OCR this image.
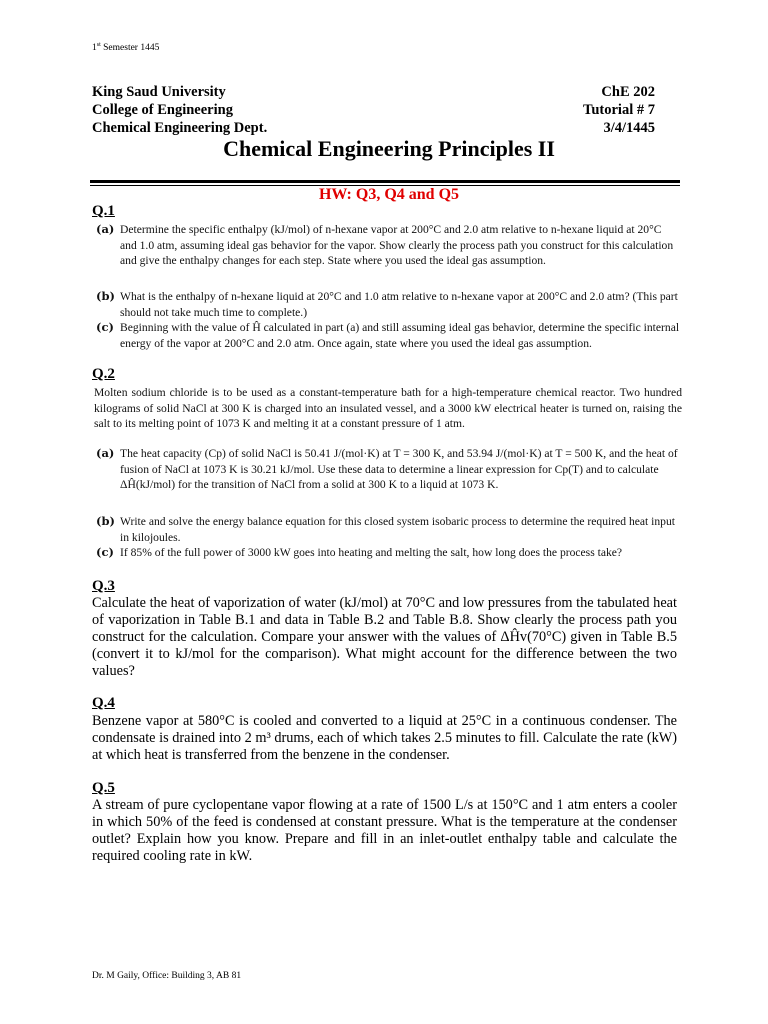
1st Semester 1445
King Saud University	ChE 202
College of Engineering	Tutorial # 7
Chemical Engineering Dept.	3/4/1445
Chemical Engineering Principles II
HW: Q3, Q4 and Q5
Q.1
(a) Determine the specific enthalpy (kJ/mol) of n-hexane vapor at 200°C and 2.0 atm relative to n-hexane liquid at 20°C and 1.0 atm, assuming ideal gas behavior for the vapor. Show clearly the process path you construct for this calculation and give the enthalpy changes for each step. State where you used the ideal gas assumption.
(b) What is the enthalpy of n-hexane liquid at 20°C and 1.0 atm relative to n-hexane vapor at 200°C and 2.0 atm? (This part should not take much time to complete.)
(c) Beginning with the value of Ĥ calculated in part (a) and still assuming ideal gas behavior, determine the specific internal energy of the vapor at 200°C and 2.0 atm. Once again, state where you used the ideal gas assumption.
Q.2
Molten sodium chloride is to be used as a constant-temperature bath for a high-temperature chemical reactor. Two hundred kilograms of solid NaCl at 300 K is charged into an insulated vessel, and a 3000 kW electrical heater is turned on, raising the salt to its melting point of 1073 K and melting it at a constant pressure of 1 atm.
(a) The heat capacity (Cp) of solid NaCl is 50.41 J/(mol·K) at T = 300 K, and 53.94 J/(mol·K) at T = 500 K, and the heat of fusion of NaCl at 1073 K is 30.21 kJ/mol. Use these data to determine a linear expression for Cp(T) and to calculate ΔĤ(kJ/mol) for the transition of NaCl from a solid at 300 K to a liquid at 1073 K.
(b) Write and solve the energy balance equation for this closed system isobaric process to determine the required heat input in kilojoules.
(c) If 85% of the full power of 3000 kW goes into heating and melting the salt, how long does the process take?
Q.3
Calculate the heat of vaporization of water (kJ/mol) at 70°C and low pressures from the tabulated heat of vaporization in Table B.1 and data in Table B.2 and Table B.8. Show clearly the process path you construct for the calculation. Compare your answer with the values of ΔĤv(70°C) given in Table B.5 (convert it to kJ/mol for the comparison). What might account for the difference between the two values?
Q.4
Benzene vapor at 580°C is cooled and converted to a liquid at 25°C in a continuous condenser. The condensate is drained into 2 m³ drums, each of which takes 2.5 minutes to fill. Calculate the rate (kW) at which heat is transferred from the benzene in the condenser.
Q.5
A stream of pure cyclopentane vapor flowing at a rate of 1500 L/s at 150°C and 1 atm enters a cooler in which 50% of the feed is condensed at constant pressure. What is the temperature at the condenser outlet? Explain how you know. Prepare and fill in an inlet-outlet enthalpy table and calculate the required cooling rate in kW.
Dr. M Gaily, Office: Building 3, AB 81
